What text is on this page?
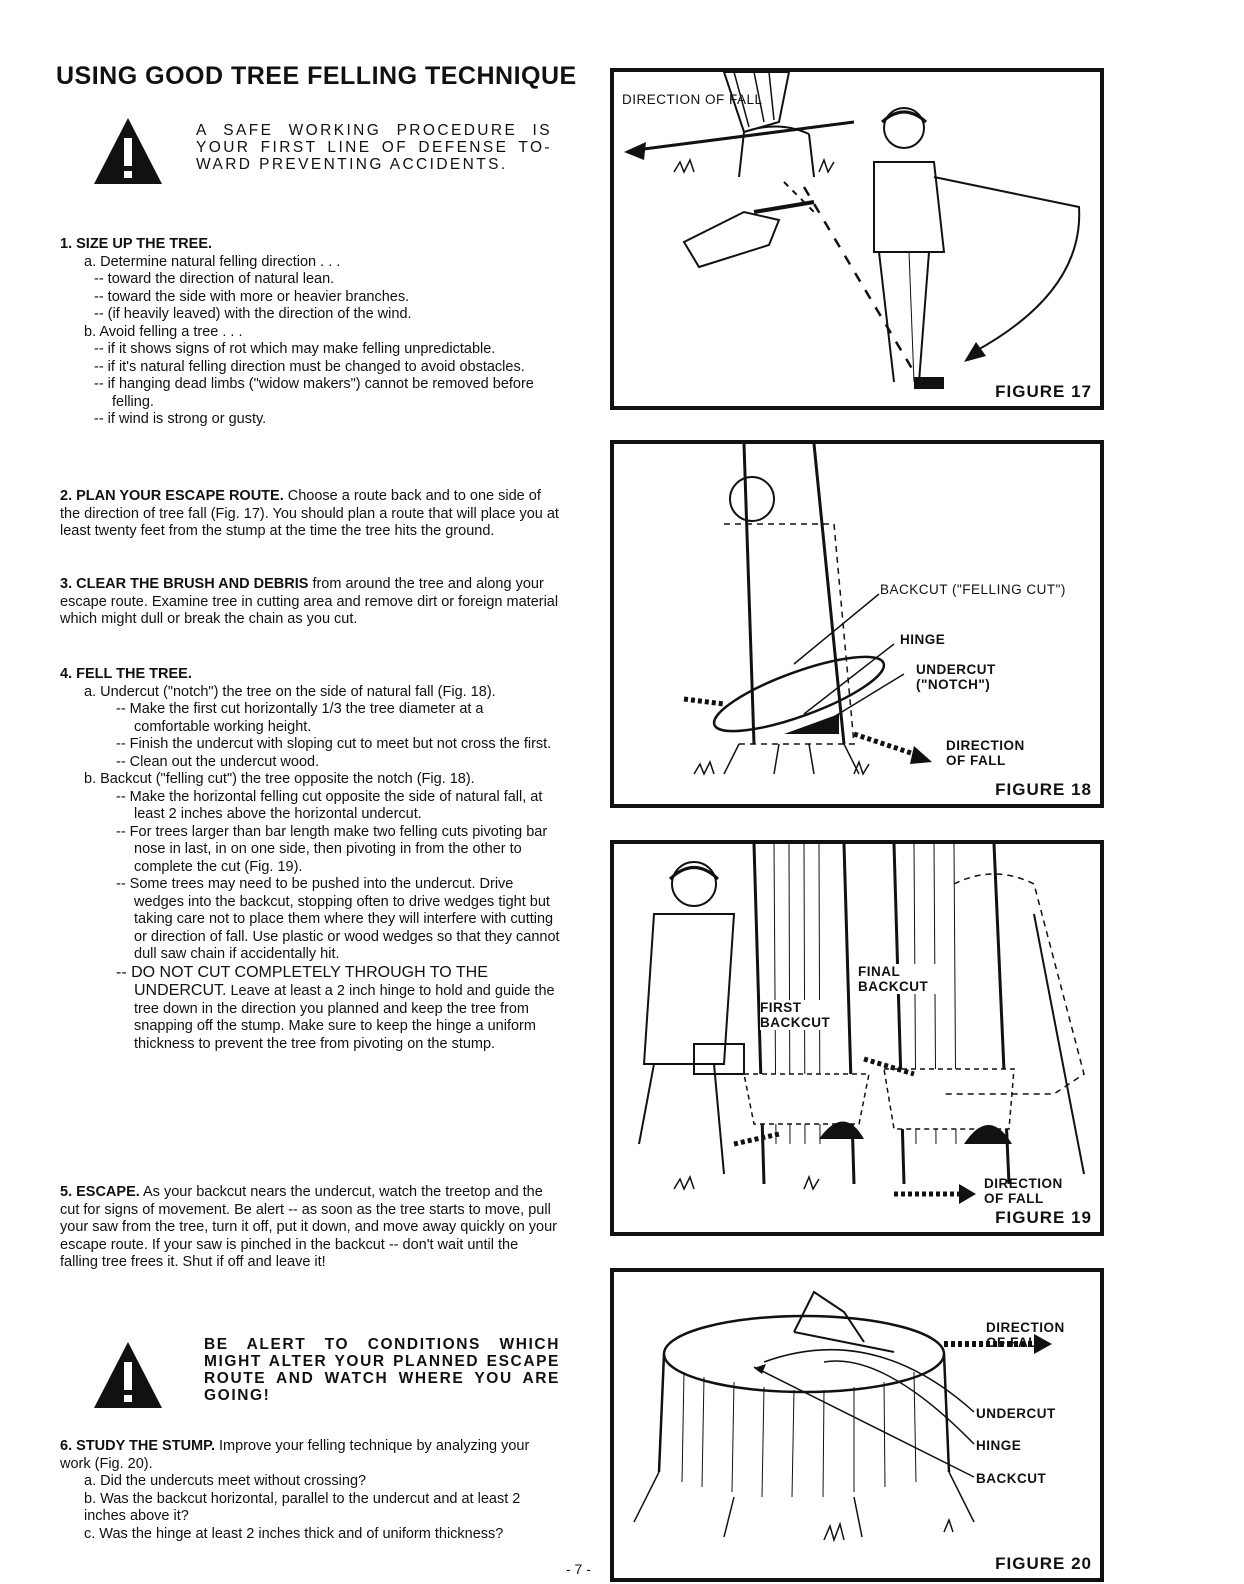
USING GOOD TREE FELLING TECHNIQUE
A SAFE WORKING PROCEDURE IS YOUR FIRST LINE OF DEFENSE TO-WARD PREVENTING ACCIDENTS.
1. SIZE UP THE TREE.
a. Determine natural felling direction . . .
-- toward the direction of natural lean.
-- toward the side with more or heavier branches.
-- (if heavily leaved) with the direction of the wind.
b. Avoid felling a tree . . .
-- if it shows signs of rot which may make felling unpredictable.
-- if it's natural felling direction must be changed to avoid obstacles.
-- if hanging dead limbs ("widow makers") cannot be removed before felling.
-- if wind is strong or gusty.
2. PLAN YOUR ESCAPE ROUTE. Choose a route back and to one side of the direction of tree fall (Fig. 17). You should plan a route that will place you at least twenty feet from the stump at the time the tree hits the ground.
3. CLEAR THE BRUSH AND DEBRIS from around the tree and along your escape route. Examine tree in cutting area and remove dirt or foreign material which might dull or break the chain as you cut.
4. FELL THE TREE.
a. Undercut ("notch") the tree on the side of natural fall (Fig. 18).
-- Make the first cut horizontally 1/3 the tree diameter at a comfortable working height.
-- Finish the undercut with sloping cut to meet but not cross the first.
-- Clean out the undercut wood.
b. Backcut ("felling cut") the tree opposite the notch (Fig. 18).
-- Make the horizontal felling cut opposite the side of natural fall, at least 2 inches above the horizontal undercut.
-- For trees larger than bar length make two felling cuts pivoting bar nose in last, in on one side, then pivoting in from the other to complete the cut (Fig. 19).
-- Some trees may need to be pushed into the undercut. Drive wedges into the backcut, stopping often to drive wedges tight but taking care not to place them where they will interfere with cutting or direction of fall. Use plastic or wood wedges so that they cannot dull saw chain if accidentally hit.
-- DO NOT CUT COMPLETELY THROUGH TO THE UNDERCUT. Leave at least a 2 inch hinge to hold and guide the tree down in the direction you planned and keep the tree from snapping off the stump. Make sure to keep the hinge a uniform thickness to prevent the tree from pivoting on the stump.
5. ESCAPE. As your backcut nears the undercut, watch the treetop and the cut for signs of movement. Be alert -- as soon as the tree starts to move, pull your saw from the tree, turn it off, put it down, and move away quickly on your escape route. If your saw is pinched in the backcut -- don't wait until the falling tree frees it. Shut if off and leave it!
BE ALERT TO CONDITIONS WHICH MIGHT ALTER YOUR PLANNED ESCAPE ROUTE AND WATCH WHERE YOU ARE GOING!
6. STUDY THE STUMP. Improve your felling technique by analyzing your work (Fig. 20).
a. Did the undercuts meet without crossing?
b. Was the backcut horizontal, parallel to the undercut and at least 2 inches above it?
c. Was the hinge at least 2 inches thick and of uniform thickness?
- 7 -
DIRECTION OF FALL
FIGURE 17
BACKCUT ("FELLING CUT")
HINGE
UNDERCUT ("NOTCH")
DIRECTION OF FALL
FIGURE 18
FINAL BACKCUT
FIRST BACKCUT
DIRECTION OF FALL
FIGURE 19
DIRECTION OF FALL
UNDERCUT
HINGE
BACKCUT
FIGURE 20
